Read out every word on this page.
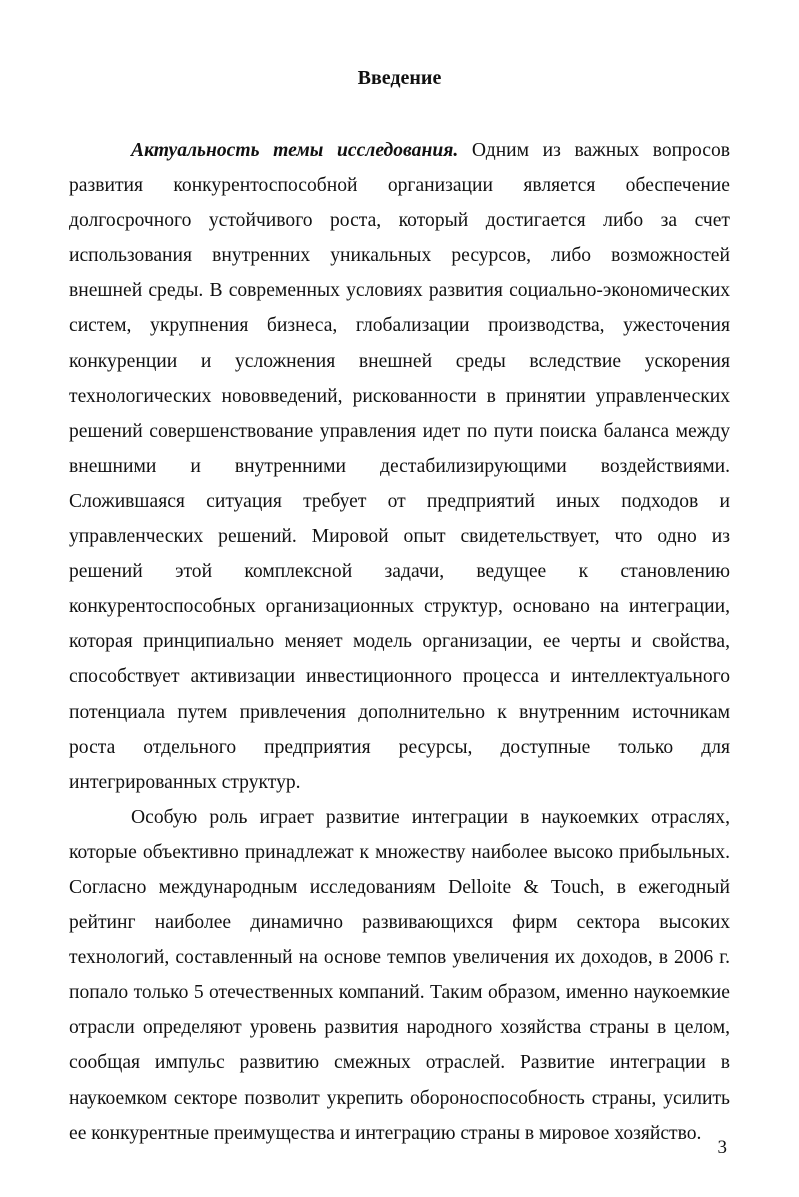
Введение

Актуальность темы исследования. Одним из важных вопросов развития конкурентоспособной организации является обеспечение долгосрочного устойчивого роста, который достигается либо за счет использования внутренних уникальных ресурсов, либо возможностей внешней среды. В современных условиях развития социально-экономических систем, укрупнения бизнеса, глобализации производства, ужесточения конкуренции и усложнения внешней среды вследствие ускорения технологических нововведений, рискованности в принятии управленческих решений совершенствование управления идет по пути поиска баланса между внешними и внутренними дестабилизирующими воздействиями. Сложившаяся ситуация требует от предприятий иных подходов и управленческих решений. Мировой опыт свидетельствует, что одно из решений этой комплексной задачи, ведущее к становлению конкурентоспособных организационных структур, основано на интеграции, которая принципиально меняет модель организации, ее черты и свойства, способствует активизации инвестиционного процесса и интеллектуального потенциала путем привлечения дополнительно к внутренним источникам роста отдельного предприятия ресурсы, доступные только для интегрированных структур.

Особую роль играет развитие интеграции в наукоемких отраслях, которые объективно принадлежат к множеству наиболее высоко прибыльных. Согласно международным исследованиям Delloite & Touch, в ежегодный рейтинг наиболее динамично развивающихся фирм сектора высоких технологий, составленный на основе темпов увеличения их доходов, в 2006 г. попало только 5 отечественных компаний. Таким образом, именно наукоемкие отрасли определяют уровень развития народного хозяйства страны в целом, сообщая импульс развитию смежных отраслей. Развитие интеграции в наукоемком секторе позволит укрепить обороноспособность страны, усилить ее конкурентные преимущества и интеграцию страны в мировое хозяйство.

3
